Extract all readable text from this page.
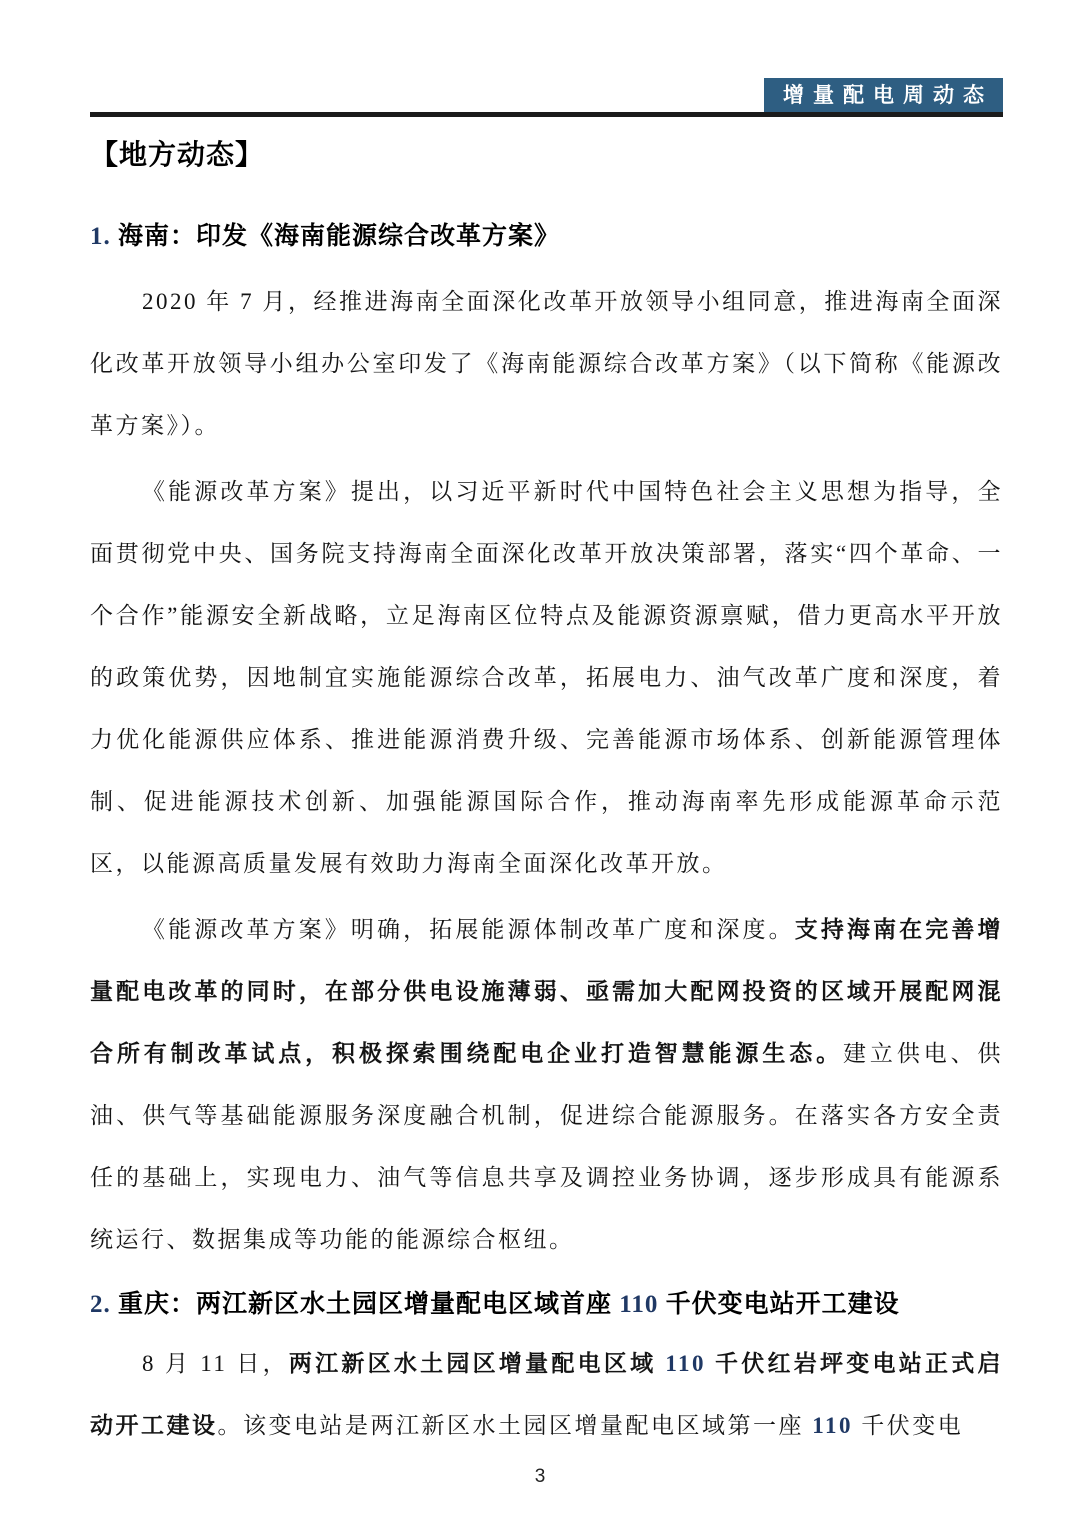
增量配电周动态
【地方动态】
1. 海南：印发《海南能源综合改革方案》

2020 年 7 月，经推进海南全面深化改革开放领导小组同意，推进海南全面深化改革开放领导小组办公室印发了《海南能源综合改革方案》（以下简称《能源改革方案》）。

《能源改革方案》提出，以习近平新时代中国特色社会主义思想为指导，全面贯彻党中央、国务院支持海南全面深化改革开放决策部署，落实“四个革命、一个合作”能源安全新战略，立足海南区位特点及能源资源禀赋，借力更高水平开放的政策优势，因地制宜实施能源综合改革，拓展电力、油气改革广度和深度，着力优化能源供应体系、推进能源消费升级、完善能源市场体系、创新能源管理体制、促进能源技术创新、加强能源国际合作，推动海南率先形成能源革命示范区，以能源高质量发展有效助力海南全面深化改革开放。

《能源改革方案》明确，拓展能源体制改革广度和深度。支持海南在完善增量配电改革的同时，在部分供电设施薄弱、亟需加大配网投资的区域开展配网混合所有制改革试点，积极探索围绕配电企业打造智慧能源生态。建立供电、供油、供气等基础能源服务深度融合机制，促进综合能源服务。在落实各方安全责任的基础上，实现电力、油气等信息共享及调控业务协调，逐步形成具有能源系统运行、数据集成等功能的能源综合枢纽。

2. 重庆：两江新区水土园区增量配电区域首座 110 千伏变电站开工建设

8 月 11 日，两江新区水土园区增量配电区域 110 千伏红岩坪变电站正式启动开工建设。该变电站是两江新区水土园区增量配电区域第一座 110 千伏变电

3
